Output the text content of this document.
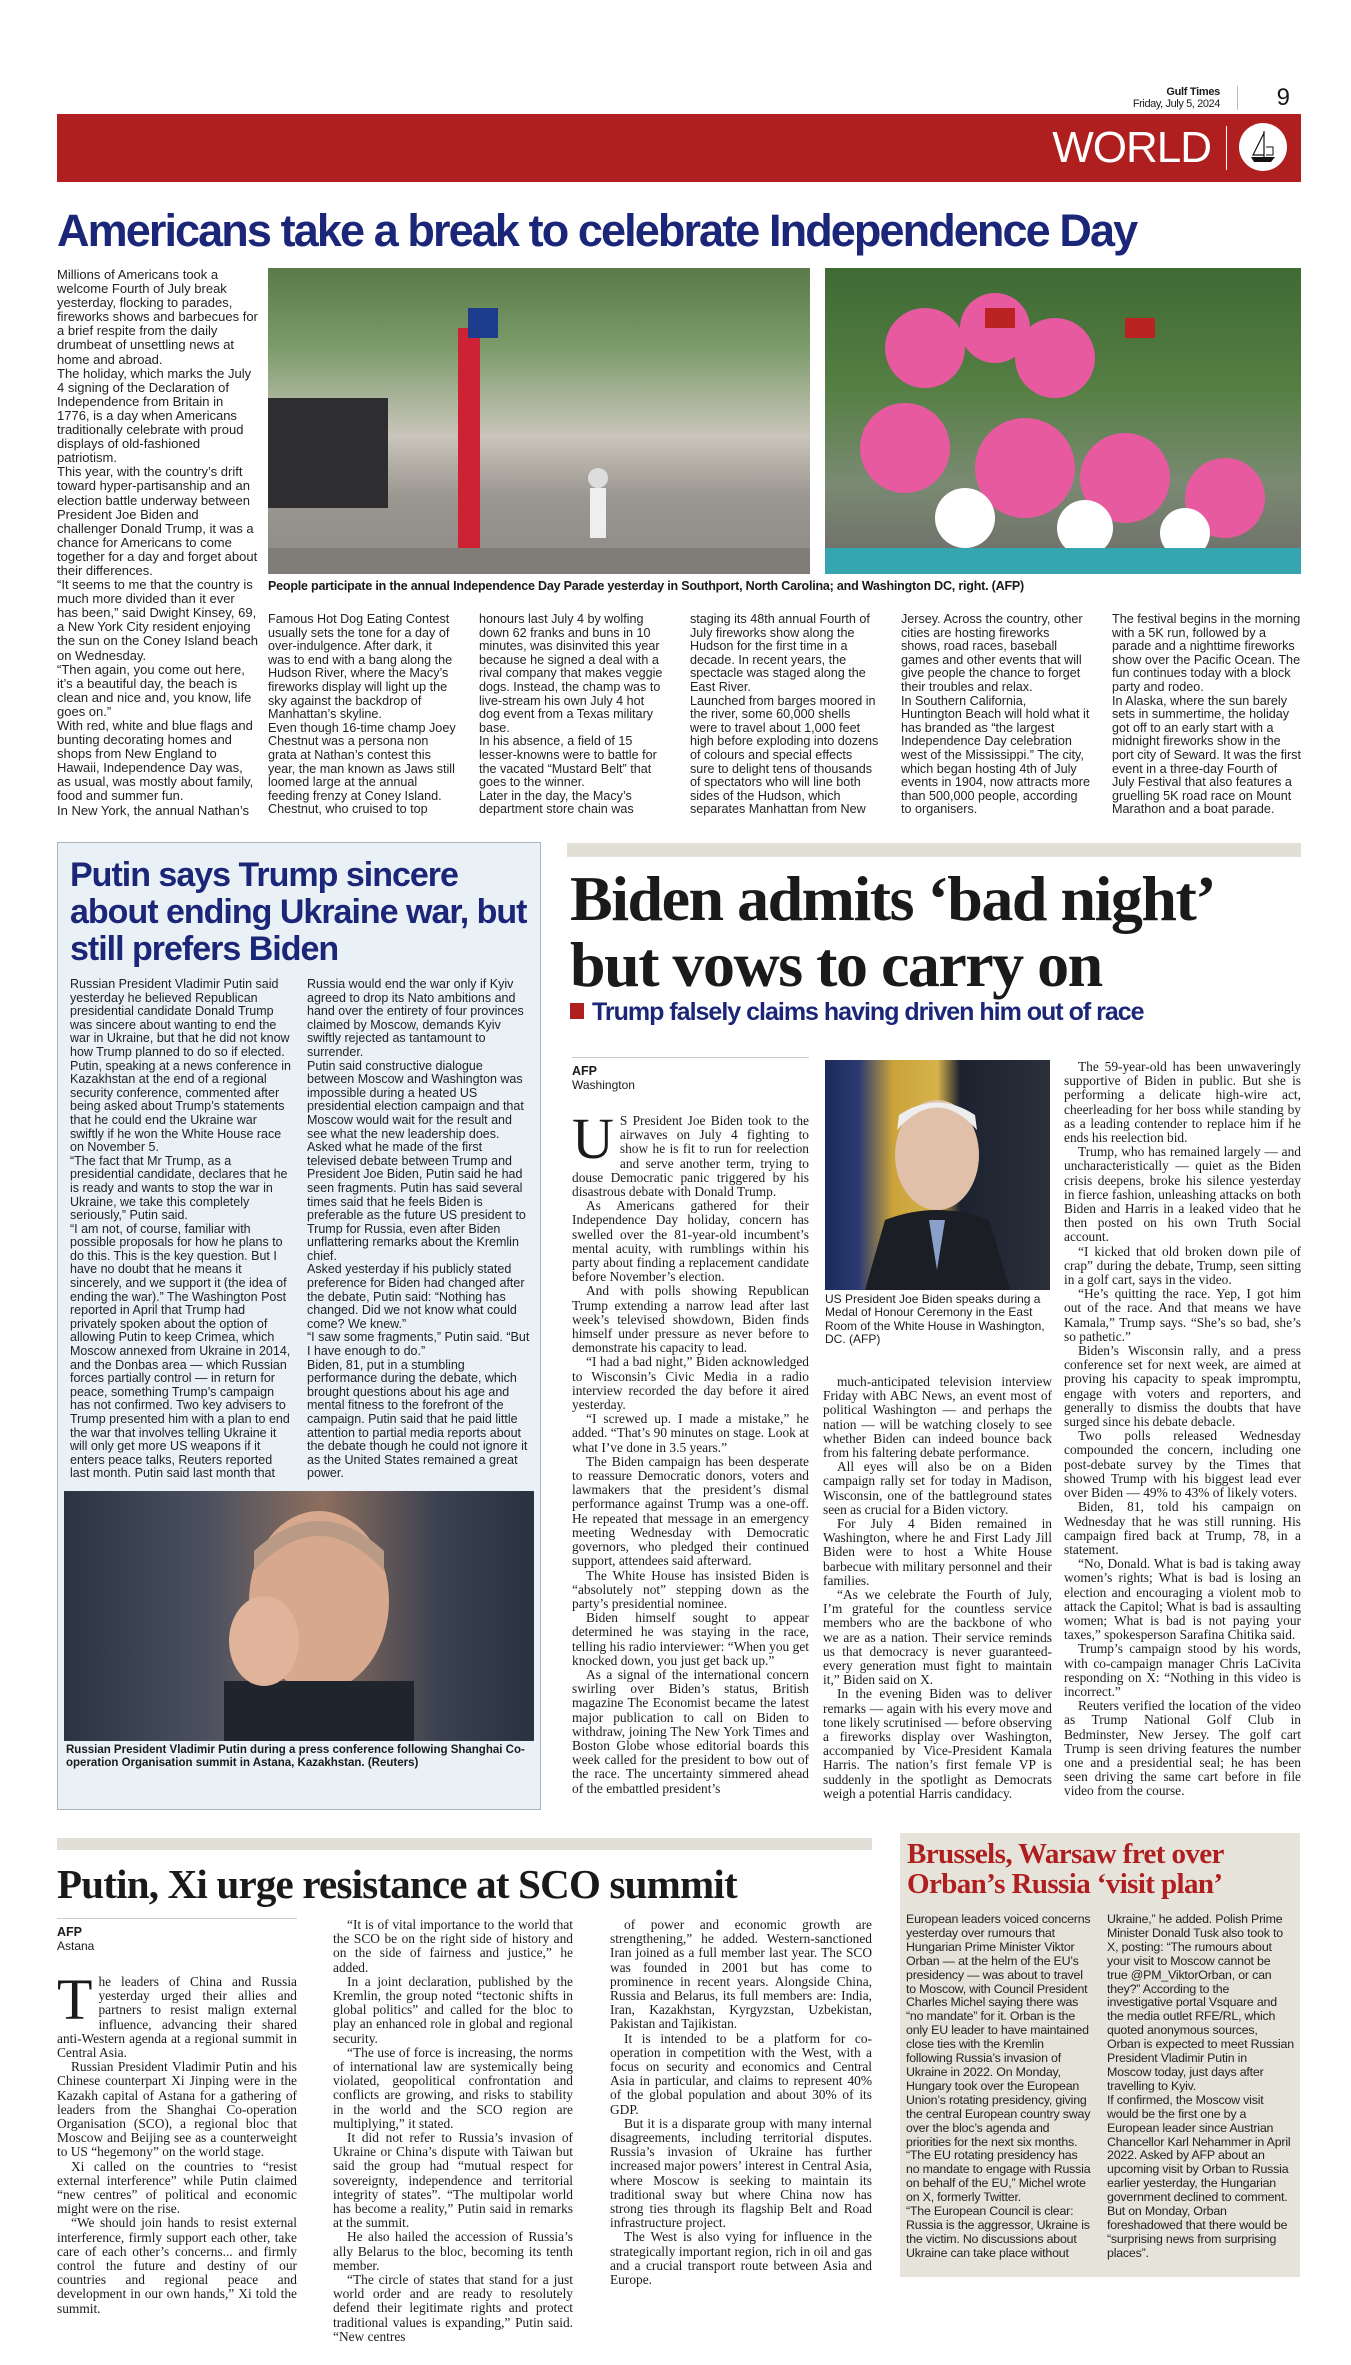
Gulf Times
Friday, July 5, 2024 9
WORLD
Americans take a break to celebrate Independence Day

Millions of Americans took a welcome Fourth of July break yesterday, flocking to parades, fireworks shows and barbecues for a brief respite from the daily drumbeat of unsettling news at home and abroad.

The holiday, which marks the July 4 signing of the Declaration of Independence from Britain in 1776, is a day when Americans traditionally celebrate with proud displays of old-fashioned patriotism.

This year, with the country’s drift toward hyper-partisanship and an election battle underway between President Joe Biden and challenger Donald Trump, it was a chance for Americans to come together for a day and forget about their differences.

“It seems to me that the country is much more divided than it ever has been,” said Dwight Kinsey, 69, a New York City resident enjoying the sun on the Coney Island beach on Wednesday.

“Then again, you come out here, it’s a beautiful day, the beach is clean and nice and, you know, life goes on.”

With red, white and blue flags and bunting decorating homes and shops from New England to Hawaii, Independence Day was, as usual, was mostly about family, food and summer fun.

In New York, the annual Nathan’s

People participate in the annual Independence Day Parade yesterday in Southport, North Carolina; and Washington DC, right. (AFP)

Famous Hot Dog Eating Contest usually sets the tone for a day of over-indulgence. After dark, it was to end with a bang along the Hudson River, where the Macy’s fireworks display will light up the sky against the backdrop of Manhattan’s skyline.

Even though 16-time champ Joey Chestnut was a persona non grata at Nathan’s contest this year, the man known as Jaws still loomed large at the annual feeding frenzy at Coney Island. Chestnut, who cruised to top honours last July 4 by wolfing down 62 franks and buns in 10 minutes, was disinvited this year because he signed a deal with a rival company that makes veggie dogs. Instead, the champ was to live-stream his own July 4 hot dog event from a Texas military base.

In his absence, a field of 15 lesser-knowns were to battle for the vacated “Mustard Belt” that goes to the winner.

Later in the day, the Macy’s department store chain was staging its 48th annual Fourth of July fireworks show along the Hudson for the first time in a decade. In recent years, the spectacle was staged along the East River.

Launched from barges moored in the river, some 60,000 shells were to travel about 1,000 feet high before exploding into dozens of colours and special effects sure to delight tens of thousands of spectators who will line both sides of the Hudson, which separates Manhattan from New Jersey. Across the country, other cities are hosting fireworks shows, road races, baseball games and other events that will give people the chance to forget their troubles and relax.

In Southern California, Huntington Beach will hold what it has branded as “the largest Independence Day celebration west of the Mississippi.” The city, which began hosting 4th of July events in 1904, now attracts more than 500,000 people, according to organisers.

The festival begins in the morning with a 5K run, followed by a parade and a nighttime fireworks show over the Pacific Ocean. The fun continues today with a block party and rodeo.

In Alaska, where the sun barely sets in summertime, the holiday got off to an early start with a midnight fireworks show in the port city of Seward. It was the first event in a three-day Fourth of July Festival that also features a gruelling 5K road race on Mount Marathon and a boat parade.

Putin says Trump sincere about ending Ukraine war, but still prefers Biden

Russian President Vladimir Putin said yesterday he believed Republican presidential candidate Donald Trump was sincere about wanting to end the war in Ukraine, but that he did not know how Trump planned to do so if elected. Putin, speaking at a news conference in Kazakhstan at the end of a regional security conference, commented after being asked about Trump’s statements that he could end the Ukraine war swiftly if he won the White House race on November 5.

“The fact that Mr Trump, as a presidential candidate, declares that he is ready and wants to stop the war in Ukraine, we take this completely seriously,” Putin said.

“I am not, of course, familiar with possible proposals for how he plans to do this. This is the key question. But I have no doubt that he means it sincerely, and we support it (the idea of ending the war).” The Washington Post reported in April that Trump had privately spoken about the option of allowing Putin to keep Crimea, which Moscow annexed from Ukraine in 2014, and the Donbas area — which Russian forces partially control — in return for peace, something Trump’s campaign has not confirmed. Two key advisers to Trump presented him with a plan to end the war that involves telling Ukraine it will only get more US weapons if it enters peace talks, Reuters reported last month. Putin said last month that Russia would end the war only if Kyiv agreed to drop its Nato ambitions and hand over the entirety of four provinces claimed by Moscow, demands Kyiv swiftly rejected as tantamount to surrender.

Putin said constructive dialogue between Moscow and Washington was impossible during a heated US presidential election campaign and that Moscow would wait for the result and see what the new leadership does.

Asked what he made of the first televised debate between Trump and President Joe Biden, Putin said he had seen fragments. Putin has said several times said that he feels Biden is preferable as the future US president to Trump for Russia, even after Biden unflattering remarks about the Kremlin chief.

Asked yesterday if his publicly stated preference for Biden had changed after the debate, Putin said: “Nothing has changed. Did we not know what could come? We knew.”

“I saw some fragments,” Putin said. “But I have enough to do.”

Biden, 81, put in a stumbling performance during the debate, which brought questions about his age and mental fitness to the forefront of the campaign. Putin said that he paid little attention to partial media reports about the debate though he could not ignore it as the United States remained a great power.

Russian President Vladimir Putin during a press conference following Shanghai Co-operation Organisation summit in Astana, Kazakhstan. (Reuters)
Biden admits ‘bad night’ but vows to carry on
Trump falsely claims having driven him out of race
AFP
Washington

US President Joe Biden took to the airwaves on July 4 fighting to show he is fit to run for reelection and serve another term, trying to douse Democratic panic triggered by his disastrous debate with Donald Trump.

As Americans gathered for their Independence Day holiday, concern has swelled over the 81-year-old incumbent’s mental acuity, with rumblings within his party about finding a replacement candidate before November’s election.

And with polls showing Republican Trump extending a narrow lead after last week’s televised showdown, Biden finds himself under pressure as never before to demonstrate his capacity to lead.

“I had a bad night,” Biden acknowledged to Wisconsin’s Civic Media in a radio interview recorded the day before it aired yesterday.

“I screwed up. I made a mistake,” he added. “That’s 90 minutes on stage. Look at what I’ve done in 3.5 years.”

The Biden campaign has been desperate to reassure Democratic donors, voters and lawmakers that the president’s dismal performance against Trump was a one-off. He repeated that message in an emergency meeting Wednesday with Democratic governors, who pledged their continued support, attendees said afterward.

The White House has insisted Biden is “absolutely not” stepping down as the party’s presidential nominee.

Biden himself sought to appear determined he was staying in the race, telling his radio interviewer: “When you get knocked down, you just get back up.”

As a signal of the international concern swirling over Biden’s status, British magazine The Economist became the latest major publication to call on Biden to withdraw, joining The New York Times and Boston Globe whose editorial boards this week called for the president to bow out of the race. The uncertainty simmered ahead of the embattled president’s

US President Joe Biden speaks during a Medal of Honour Ceremony in the East Room of the White House in Washington, DC. (AFP)

much-anticipated television interview Friday with ABC News, an event most of political Washington — and perhaps the nation — will be watching closely to see whether Biden can indeed bounce back from his faltering debate performance.

All eyes will also be on a Biden campaign rally set for today in Madison, Wisconsin, one of the battleground states seen as crucial for a Biden victory.

For July 4 Biden remained in Washington, where he and First Lady Jill Biden were to host a White House barbecue with military personnel and their families.

“As we celebrate the Fourth of July, I’m grateful for the countless service members who are the backbone of who we are as a nation. Their service reminds us that democracy is never guaranteed-every generation must fight to maintain it,” Biden said on X.

In the evening Biden was to deliver remarks — again with his every move and tone likely scrutinised — before observing a fireworks display over Washington, accompanied by Vice-President Kamala Harris. The nation’s first female VP is suddenly in the spotlight as Democrats weigh a potential Harris candidacy.

The 59-year-old has been unwaveringly supportive of Biden in public. But she is performing a delicate high-wire act, cheerleading for her boss while standing by as a leading contender to replace him if he ends his reelection bid.

Trump, who has remained largely — and uncharacteristically — quiet as the Biden crisis deepens, broke his silence yesterday in fierce fashion, unleashing attacks on both Biden and Harris in a leaked video that he then posted on his own Truth Social account.

“I kicked that old broken down pile of crap” during the debate, Trump, seen sitting in a golf cart, says in the video.

“He’s quitting the race. Yep, I got him out of the race. And that means we have Kamala,” Trump says. “She’s so bad, she’s so pathetic.”

Biden’s Wisconsin rally, and a press conference set for next week, are aimed at proving his capacity to speak impromptu, engage with voters and reporters, and generally to dismiss the doubts that have surged since his debate debacle.

Two polls released Wednesday compounded the concern, including one post-debate survey by the Times that showed Trump with his biggest lead ever over Biden — 49% to 43% of likely voters.

Biden, 81, told his campaign on Wednesday that he was still running. His campaign fired back at Trump, 78, in a statement.

“No, Donald. What is bad is taking away women’s rights; What is bad is losing an election and encouraging a violent mob to attack the Capitol; What is bad is assaulting women; What is bad is not paying your taxes,” spokesperson Sarafina Chitika said.

Trump’s campaign stood by his words, with co-campaign manager Chris LaCivita responding on X: “Nothing in this video is incorrect.”

Reuters verified the location of the video as Trump National Golf Club in Bedminster, New Jersey. The golf cart Trump is seen driving features the number one and a presidential seal; he has been seen driving the same cart before in file video from the course.

Putin, Xi urge resistance at SCO summit
AFP
Astana

The leaders of China and Russia yesterday urged their allies and partners to resist malign external influence, advancing their shared anti-Western agenda at a regional summit in Central Asia.

Russian President Vladimir Putin and his Chinese counterpart Xi Jinping were in the Kazakh capital of Astana for a gathering of leaders from the Shanghai Co-operation Organisation (SCO), a regional bloc that Moscow and Beijing see as a counterweight to US “hegemony” on the world stage.

Xi called on the countries to “resist external interference” while Putin claimed “new centres” of political and economic might were on the rise.

“We should join hands to resist external interference, firmly support each other, take care of each other’s concerns... and firmly control the future and destiny of our countries and regional peace and development in our own hands,” Xi told the summit.

“It is of vital importance to the world that the SCO be on the right side of history and on the side of fairness and justice,” he added.

In a joint declaration, published by the Kremlin, the group noted “tectonic shifts in global politics” and called for the bloc to play an enhanced role in global and regional security.

“The use of force is increasing, the norms of international law are systemically being violated, geopolitical confrontation and conflicts are growing, and risks to stability in the world and the SCO region are multiplying,” it stated.

It did not refer to Russia’s invasion of Ukraine or China’s dispute with Taiwan but said the group had “mutual respect for sovereignty, independence and territorial integrity of states”. “The multipolar world has become a reality,” Putin said in remarks at the summit.

He also hailed the accession of Russia’s ally Belarus to the bloc, becoming its tenth member.

“The circle of states that stand for a just world order and are ready to resolutely defend their legitimate rights and protect traditional values is expanding,” Putin said. “New centres

of power and economic growth are strengthening,” he added. Western-sanctioned Iran joined as a full member last year. The SCO was founded in 2001 but has come to prominence in recent years. Alongside China, Russia and Belarus, its full members are: India, Iran, Kazakhstan, Kyrgyzstan, Uzbekistan, Pakistan and Tajikistan.

It is intended to be a platform for co-operation in competition with the West, with a focus on security and economics and Central Asia in particular, and claims to represent 40% of the global population and about 30% of its GDP.

But it is a disparate group with many internal disagreements, including territorial disputes. Russia’s invasion of Ukraine has further increased major powers’ interest in Central Asia, where Moscow is seeking to maintain its traditional sway but where China now has strong ties through its flagship Belt and Road infrastructure project.

The West is also vying for influence in the strategically important region, rich in oil and gas and a crucial transport route between Asia and Europe.

Brussels, Warsaw fret over Orban’s Russia ‘visit plan’

European leaders voiced concerns yesterday over rumours that Hungarian Prime Minister Viktor Orban — at the helm of the EU’s presidency — was about to travel to Moscow, with Council President Charles Michel saying there was “no mandate” for it. Orban is the only EU leader to have maintained close ties with the Kremlin following Russia’s invasion of Ukraine in 2022. On Monday, Hungary took over the European Union’s rotating presidency, giving the central European country sway over the bloc’s agenda and priorities for the next six months.

“The EU rotating presidency has no mandate to engage with Russia on behalf of the EU,” Michel wrote on X, formerly Twitter.

“The European Council is clear: Russia is the aggressor, Ukraine is the victim. No discussions about Ukraine can take place without Ukraine,” he added. Polish Prime Minister Donald Tusk also took to X, posting: “The rumours about your visit to Moscow cannot be true @PM_ViktorOrban, or can they?” According to the investigative portal Vsquare and the media outlet RFE/RL, which quoted anonymous sources, Orban is expected to meet Russian President Vladimir Putin in Moscow today, just days after travelling to Kyiv.

If confirmed, the Moscow visit would be the first one by a European leader since Austrian Chancellor Karl Nehammer in April 2022. Asked by AFP about an upcoming visit by Orban to Russia earlier yesterday, the Hungarian government declined to comment. But on Monday, Orban foreshadowed that there would be “surprising news from surprising places”.
